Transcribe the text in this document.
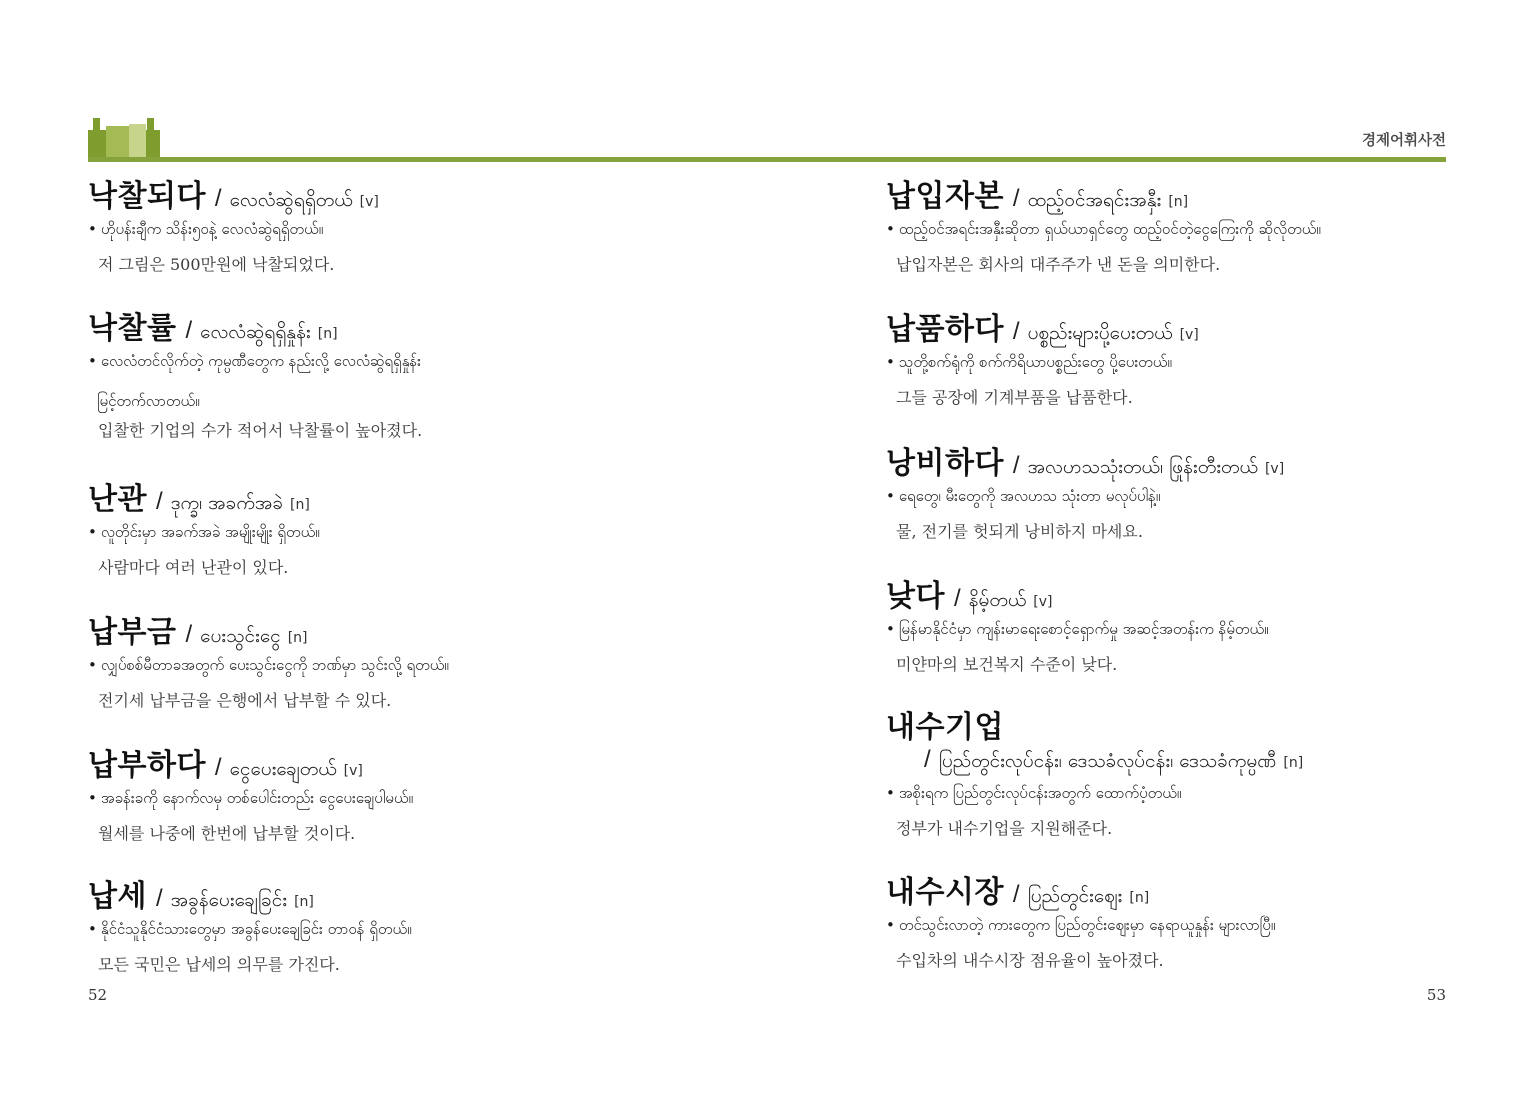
경제어휘사전
낙찰되다 / လေလံဆွဲရရှိတယ် [v]
• ဟိုပန်းချီက သိန်း၅၀နဲ့ လေလံဆွဲရရှိတယ်။
저 그림은 500만원에 낙찰되었다.
낙찰률 / လေလံဆွဲရရှိနှုန်း [n]
• လေလံတင်လိုက်တဲ့ ကုမ္ပဏီတွေက နည်းလို့ လေလံဆွဲရရှိနှုန်း
မြင့်တက်လာတယ်။
입찰한 기업의 수가 적어서 낙찰률이 높아졌다.
난관 / ဒုက္ခ၊ အခက်အခဲ [n]
• လူတိုင်းမှာ အခက်အခဲ အမျိုးမျိုး ရှိတယ်။
사람마다 여러 난관이 있다.
납부금 / ပေးသွင်းငွေ [n]
• လျှပ်စစ်မီတာခအတွက် ပေးသွင်းငွေကို ဘဏ်မှာ သွင်းလို့ ရတယ်။
전기세 납부금을 은행에서 납부할 수 있다.
납부하다 / ငွေပေးချေတယ် [v]
• အခန်းခကို နောက်လမှ တစ်ပေါင်းတည်း ငွေပေးချေပါမယ်။
월세를 나중에 한번에 납부할 것이다.
납세 / အခွန်ပေးချေခြင်း [n]
• နိုင်ငံသူနိုင်ငံသားတွေမှာ အခွန်ပေးချေခြင်း တာဝန် ရှိတယ်။
모든 국민은 납세의 의무를 가진다.
납입자본 / ထည့်ဝင်အရင်းအနှီး [n]
• ထည့်ဝင်အရင်းအနှီးဆိုတာ ရှယ်ယာရှင်တွေ ထည့်ဝင်တဲ့ငွေကြေးကို ဆိုလိုတယ်။
납입자본은 회사의 대주주가 낸 돈을 의미한다.
납품하다 / ပစ္စည်းများပို့ပေးတယ် [v]
• သူတို့စက်ရုံကို စက်ကိရိယာပစ္စည်းတွေ ပို့ပေးတယ်။
그들 공장에 기계부품을 납품한다.
낭비하다 / အလဟသသုံးတယ်၊ ဖြုန်းတီးတယ် [v]
• ရေတွေ၊ မီးတွေကို အလဟသ သုံးတာ မလုပ်ပါနဲ့။
물, 전기를 헛되게 낭비하지 마세요.
낮다 / နိမ့်တယ် [v]
• မြန်မာနိုင်ငံမှာ ကျန်းမာရေးစောင့်ရှောက်မှု အဆင့်အတန်းက နိမ့်တယ်။
미얀마의 보건복지 수준이 낮다.
내수기업
/ ပြည်တွင်းလုပ်ငန်း၊ ဒေသခံလုပ်ငန်း၊ ဒေသခံကုမ္ပဏီ [n]
• အစိုးရက ပြည်တွင်းလုပ်ငန်းအတွက် ထောက်ပံ့တယ်။
정부가 내수기업을 지원해준다.
내수시장 / ပြည်တွင်းဈေး [n]
• တင်သွင်းလာတဲ့ ကားတွေက ပြည်တွင်းဈေးမှာ နေရာယူနှုန်း များလာပြီ။
수입차의 내수시장 점유율이 높아졌다.
52	53
